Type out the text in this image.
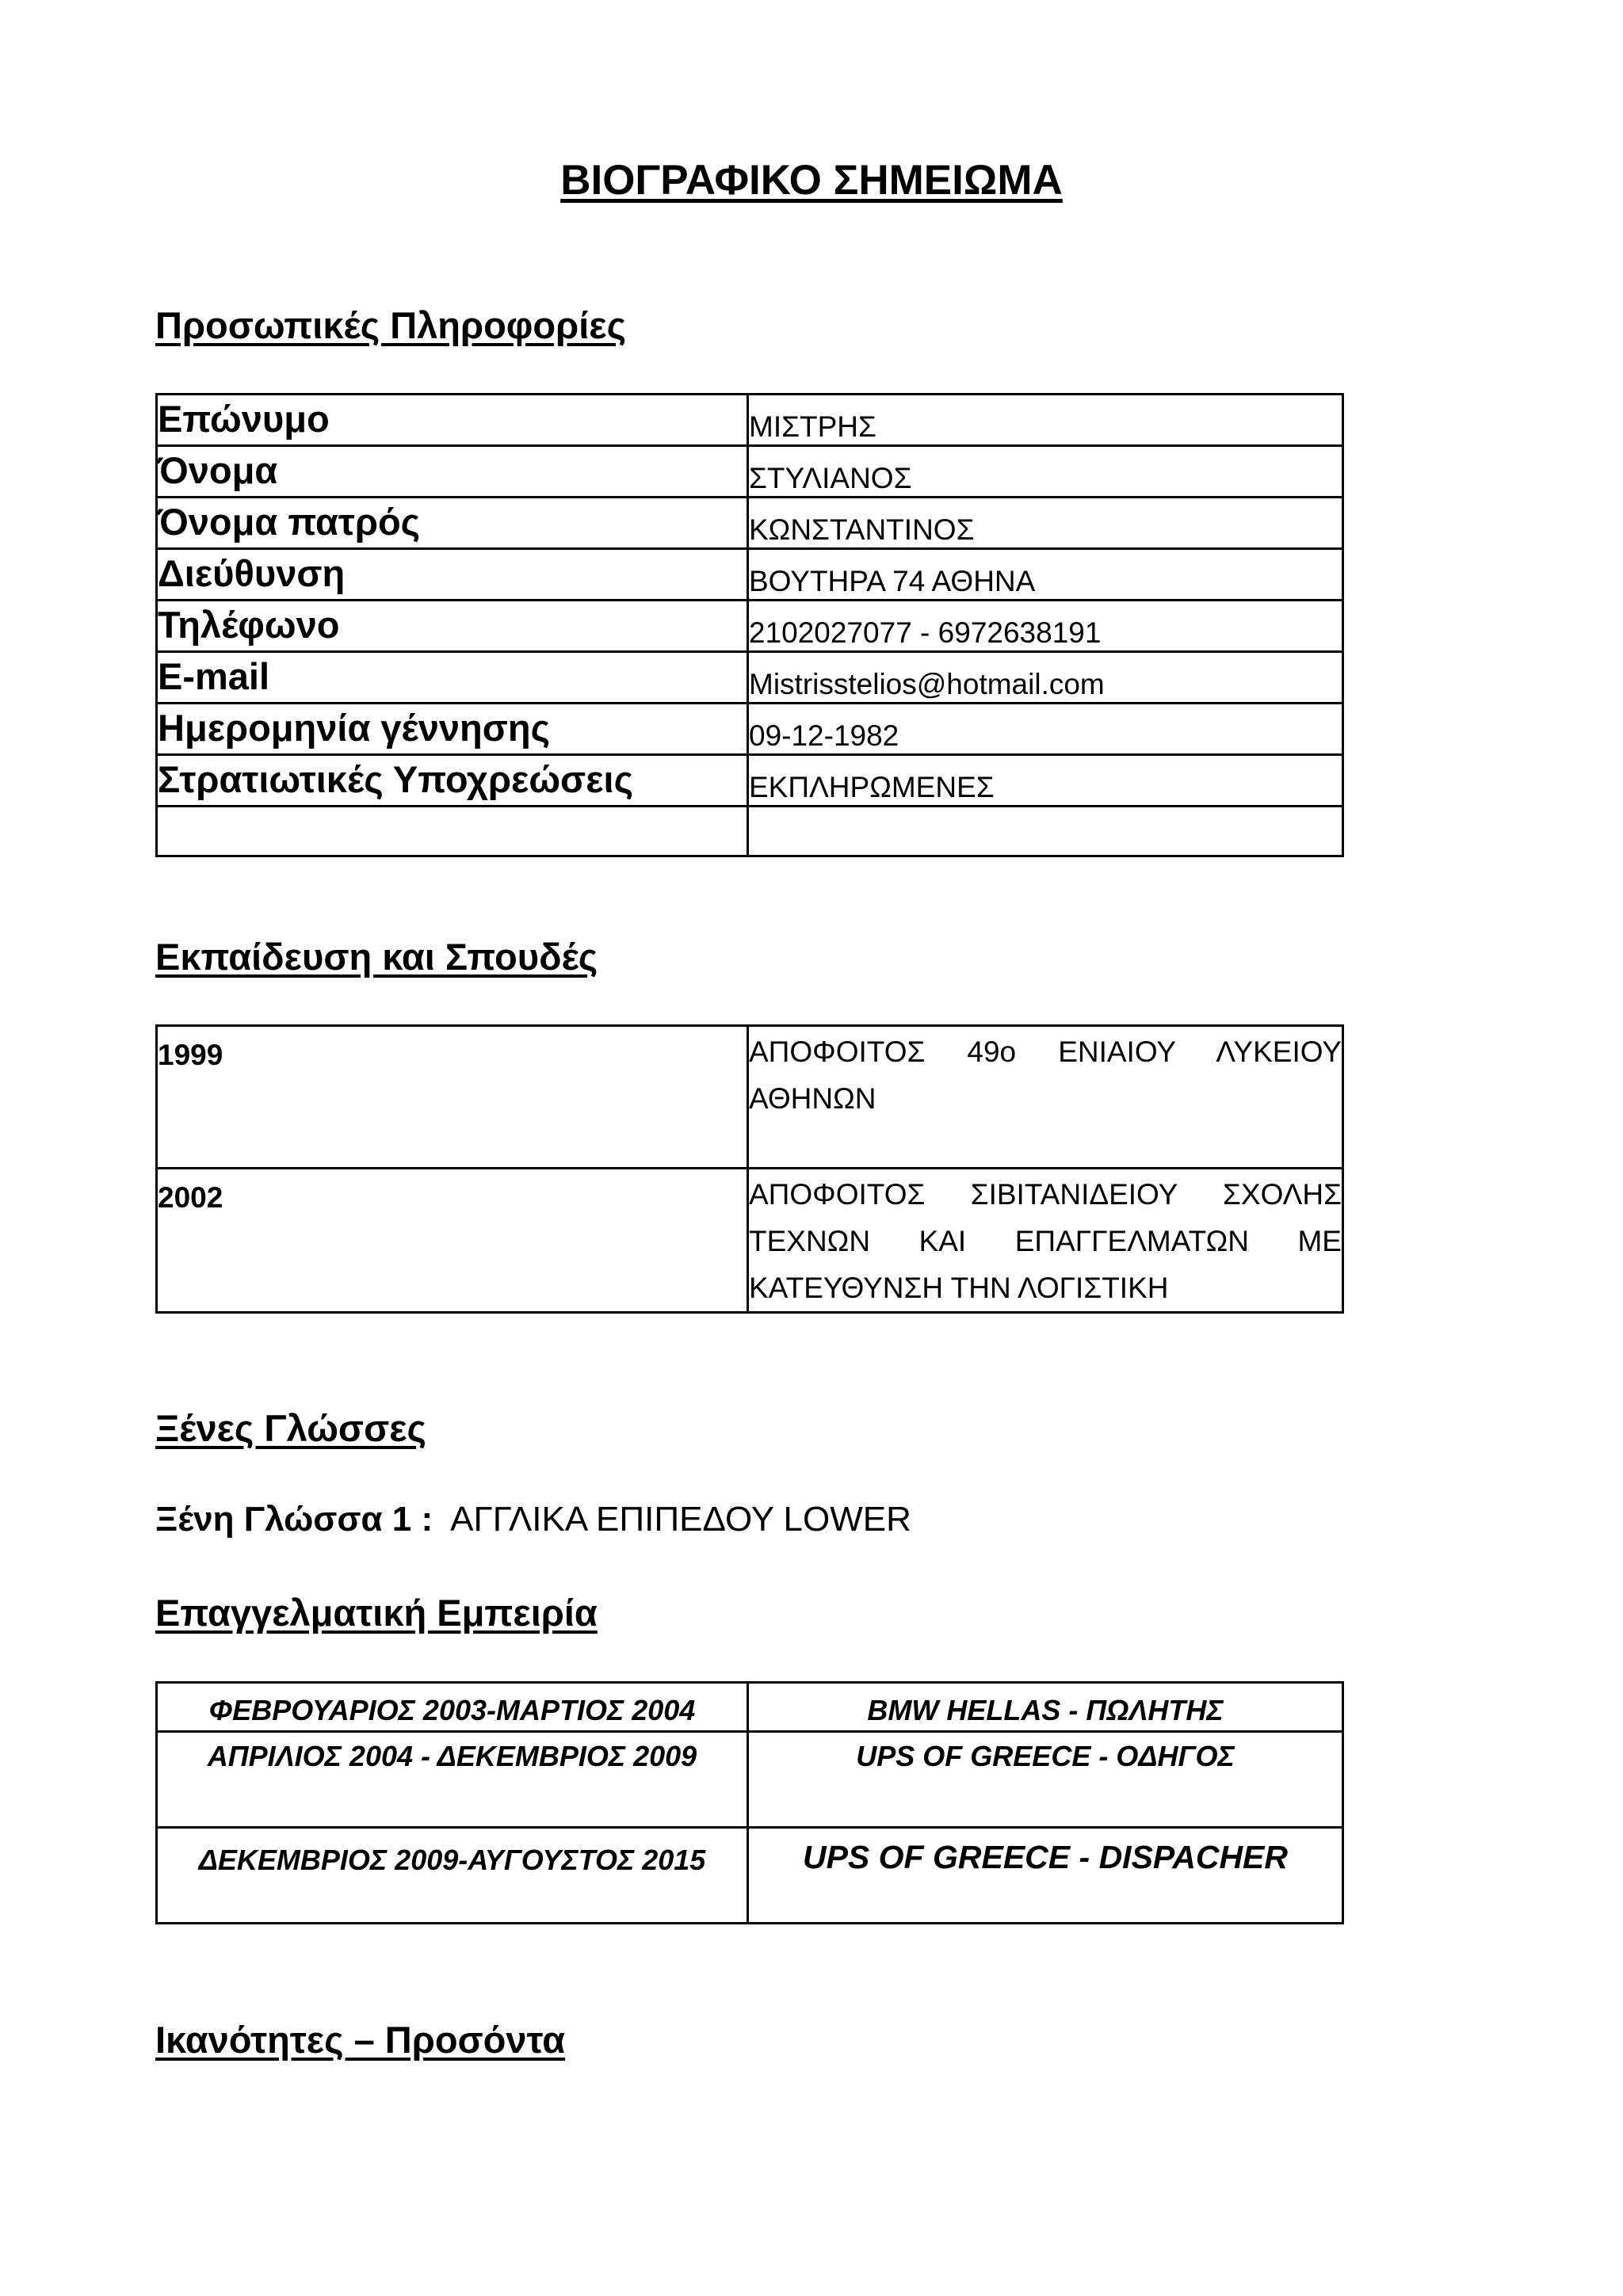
ΒΙΟΓΡΑΦΙΚΟ ΣΗΜΕΙΩΜΑ
Προσωπικές Πληροφορίες
Επώνυμο	ΜΙΣΤΡΗΣ
Όνομα	ΣΤΥΛΙΑΝΟΣ
Όνομα πατρός	ΚΩΝΣΤΑΝΤΙΝΟΣ
Διεύθυνση	ΒΟΥΤΗΡΑ 74 ΑΘΗΝΑ
Τηλέφωνο	2102027077 - 6972638191
E-mail	Mistrisstelios@hotmail.com
Ημερομηνία γέννησης	09-12-1982
Στρατιωτικές Υποχρεώσεις	ΕΚΠΛΗΡΩΜΕΝΕΣ

Εκπαίδευση και Σπουδές
1999	ΑΠΟΦΟΙΤΟΣ 49ο ΕΝΙΑΙΟΥ ΛΥΚΕΙΟΥ ΑΘΗΝΩΝ
2002	ΑΠΟΦΟΙΤΟΣ ΣΙΒΙΤΑΝΙΔΕΙΟΥ ΣΧΟΛΗΣ ΤΕΧΝΩΝ ΚΑΙ ΕΠΑΓΓΕΛΜΑΤΩΝ ΜΕ ΚΑΤΕΥΘΥΝΣΗ ΤΗΝ ΛΟΓΙΣΤΙΚΗ
Ξένες Γλώσσες
Ξένη Γλώσσα 1 : ΑΓΓΛΙΚΑ ΕΠΙΠΕΔΟΥ LOWER
Επαγγελματική Εμπειρία
ΦΕΒΡΟΥΑΡΙΟΣ 2003-ΜΑΡΤΙΟΣ 2004	BMW HELLAS - ΠΩΛΗΤΗΣ
ΑΠΡΙΛΙΟΣ 2004 - ΔΕΚΕΜΒΡΙΟΣ 2009	UPS OF GREECE - ΟΔΗΓΟΣ
ΔΕΚΕΜΒΡΙΟΣ 2009-ΑΥΓΟΥΣΤΟΣ 2015	UPS OF GREECE - DISPACHER
Ικανότητες – Προσόντα
